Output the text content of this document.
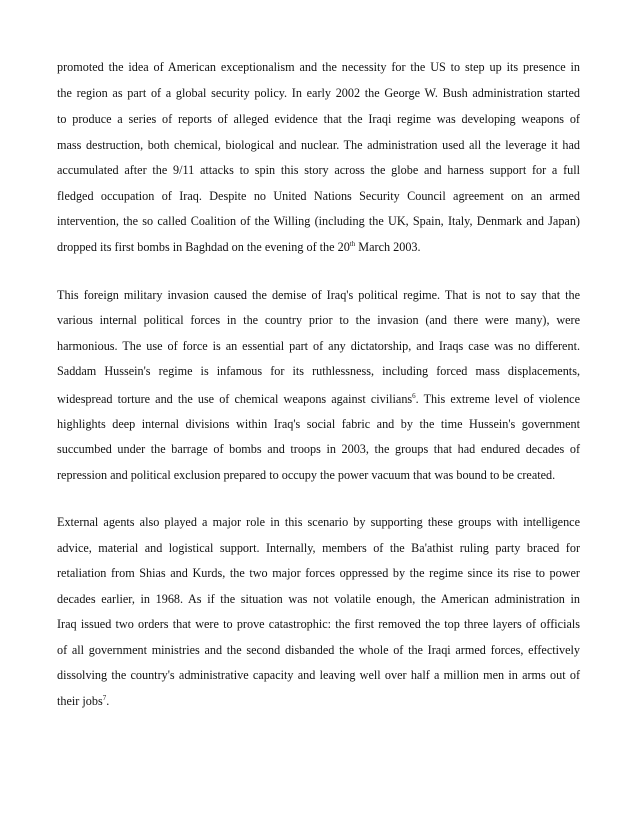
promoted the idea of American exceptionalism and the necessity for the US to step up its presence in
the region as part of a global security policy. In early 2002 the George W. Bush administration started
to produce a series of reports of alleged evidence that the Iraqi regime was developing weapons of
mass destruction, both chemical, biological and nuclear. The administration used all the leverage it had
accumulated after the 9/11 attacks to spin this story across the globe and harness support for a full
fledged occupation of Iraq. Despite no United Nations Security Council agreement on an armed
intervention, the so called Coalition of the Willing (including the UK, Spain, Italy, Denmark and Japan)
dropped its first bombs in Baghdad on the evening of the 20th March 2003.
This foreign military invasion caused the demise of Iraq's political regime. That is not to say that the
various internal political forces in the country prior to the invasion (and there were many), were
harmonious. The use of force is an essential part of any dictatorship, and Iraqs case was no different.
Saddam Hussein's regime is infamous for its ruthlessness, including forced mass displacements,
widespread torture and the use of chemical weapons against civilians$^6$. This extreme level of violence
highlights deep internal divisions within Iraq's social fabric and by the time Hussein's government
succumbed under the barrage of bombs and troops in 2003, the groups that had endured decades of
repression and political exclusion prepared to occupy the power vacuum that was bound to be created.
External agents also played a major role in this scenario by supporting these groups with intelligence
advice, material and logistical support. Internally, members of the Ba'athist ruling party braced for
retaliation from Shias and Kurds, the two major forces oppressed by the regime since its rise to power
decades earlier, in 1968. As if the situation was not volatile enough, the American administration in
Iraq issued two orders that were to prove catastrophic: the first removed the top three layers of officials
of all government ministries and the second disbanded the whole of the Iraqi armed forces, effectively
dissolving the country's administrative capacity and leaving well over half a million men in arms out of
their jobs$^7$.
